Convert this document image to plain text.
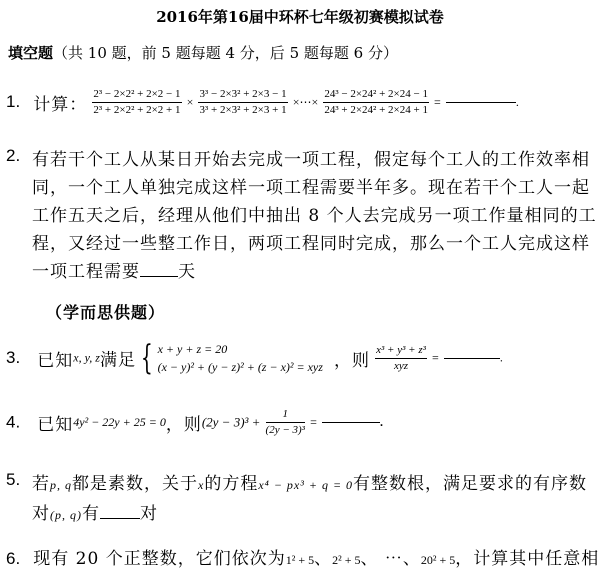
2016年第16届中环杯七年级初赛模拟试卷
填空题（共 10 题，前 5 题每题 4 分，后 5 题每题 6 分）
1. 计算： $\frac{\text{2³ − 2×2² + 2×2 − 1}}{\text{2³ + 2×2² + 2×2 + 1}} \times \frac{\text{3³ − 2×3² + 2×3 − 1}}{\text{3³ + 2×3² + 2×3 + 1}}$ ×⋯× $\frac{\text{24³ − 2×24² + 2×24 − 1}}{\text{24³ + 2×24² + 2×24 + 1}}$ =	.
2. 有若干个工人从某日开始去完成一项工程，假定每个工人的工作效率相
同，一个工人单独完成这样一项工程需要半年多。现在若干个工人一起
工作五天之后，经理从他们中抽出 8 个人去完成另一项工作量相同的工
程，又经过一些整工作日，两项工程同时完成，那么一个工人完成这样
一项工程需要 天
（学而思供题）
3. 已知x, y, z满足 { x + y + z = 20
(x − y)² + (y − z)² + (z − x)² = xyz ，则 $\frac{\text{x³ + y³ + z³}}{\text{xyz}}$ =	.
4. 已知4y² − 22y + 25 = 0，则$(2y - 3)^3 + \frac{1}{\text{(2y − 3)³}}$ =	.
5. 若p, q都是素数，关于x的方程x⁴ − px³ + q = 0有整数根，满足要求的有序数
对(p, q)有 对
6. 现有 20 个正整数，它们依次为1² + 5、2² + 5、 ⋯、20² + 5，计算其中任意相
